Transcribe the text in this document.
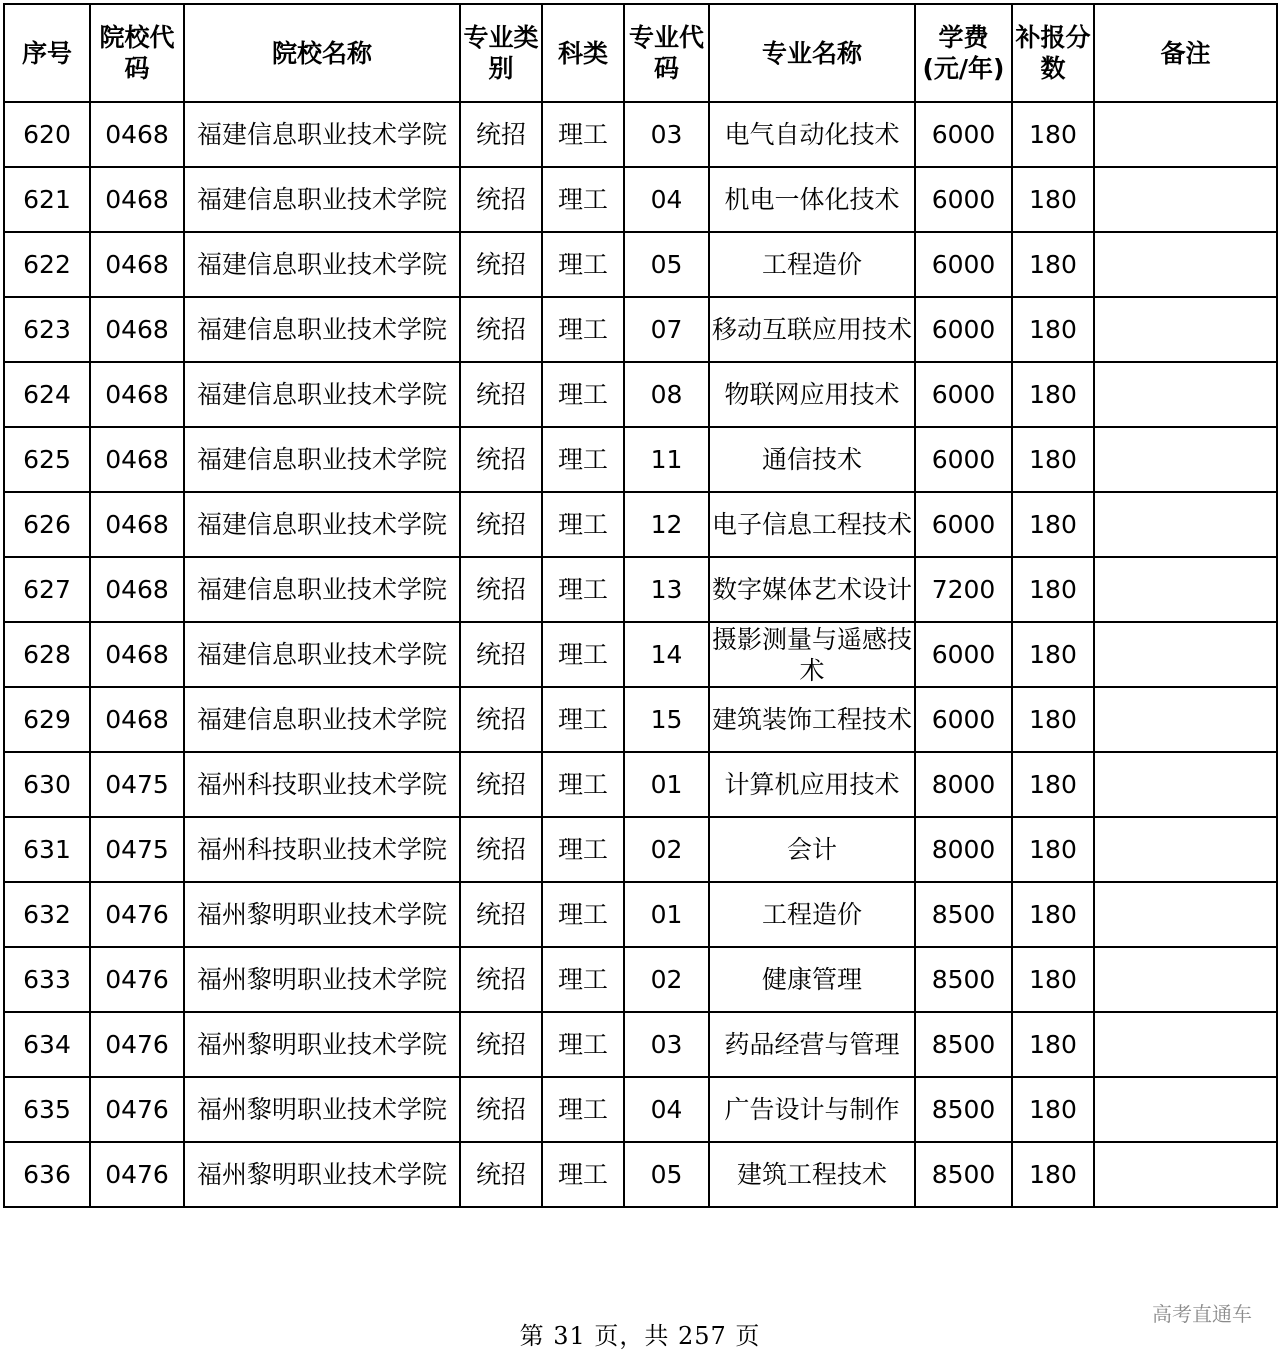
序号	院校代码	院校名称	专业类别	科类	专业代码	专业名称	学费(元/年)	补报分数	备注
620	0468	福建信息职业技术学院	统招	理工	03	电气自动化技术	6000	180	
621	0468	福建信息职业技术学院	统招	理工	04	机电一体化技术	6000	180	
622	0468	福建信息职业技术学院	统招	理工	05	工程造价	6000	180	
623	0468	福建信息职业技术学院	统招	理工	07	移动互联应用技术	6000	180	
624	0468	福建信息职业技术学院	统招	理工	08	物联网应用技术	6000	180	
625	0468	福建信息职业技术学院	统招	理工	11	通信技术	6000	180	
626	0468	福建信息职业技术学院	统招	理工	12	电子信息工程技术	6000	180	
627	0468	福建信息职业技术学院	统招	理工	13	数字媒体艺术设计	7200	180	
628	0468	福建信息职业技术学院	统招	理工	14	摄影测量与遥感技术	6000	180	
629	0468	福建信息职业技术学院	统招	理工	15	建筑装饰工程技术	6000	180	
630	0475	福州科技职业技术学院	统招	理工	01	计算机应用技术	8000	180	
631	0475	福州科技职业技术学院	统招	理工	02	会计	8000	180	
632	0476	福州黎明职业技术学院	统招	理工	01	工程造价	8500	180	
633	0476	福州黎明职业技术学院	统招	理工	02	健康管理	8500	180	
634	0476	福州黎明职业技术学院	统招	理工	03	药品经营与管理	8500	180	
635	0476	福州黎明职业技术学院	统招	理工	04	广告设计与制作	8500	180	
636	0476	福州黎明职业技术学院	统招	理工	05	建筑工程技术	8500	180	
第 31 页，共 257 页
高考直通车
